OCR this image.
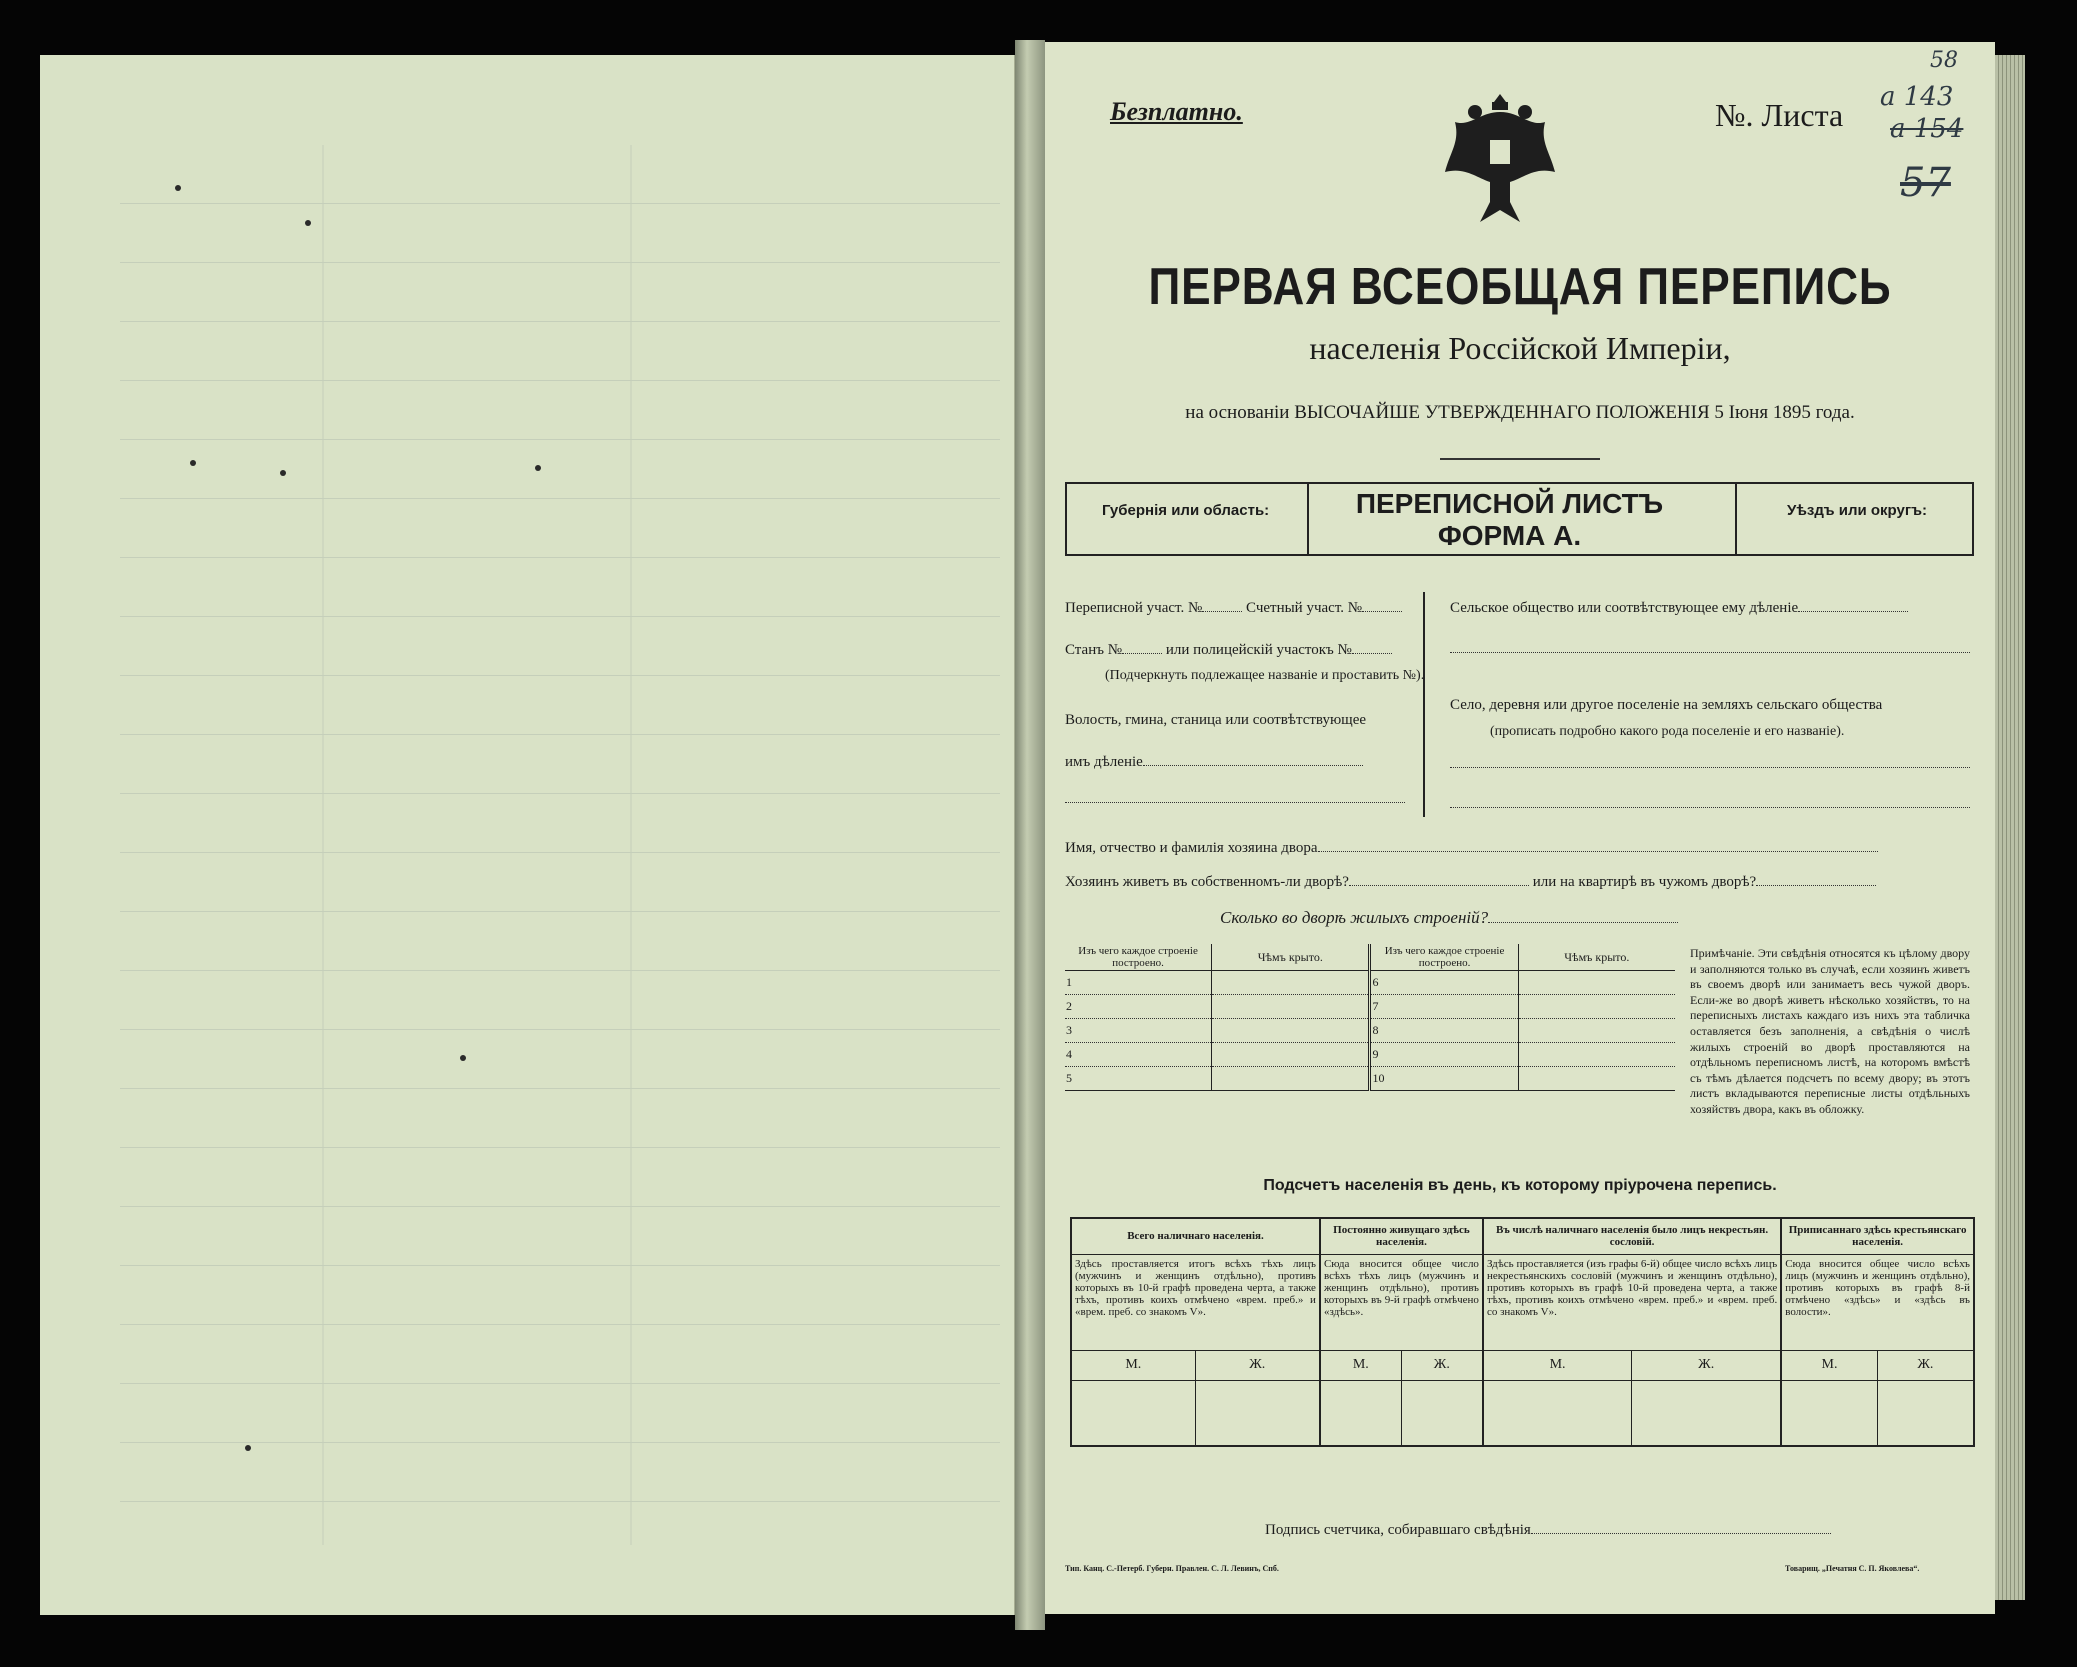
Безплатно.	№. Листа
58
а 143
а 154
57
ПЕРВАЯ ВСЕОБЩАЯ ПЕРЕПИСЬ
населенія Россійской Имперіи,
на основаніи ВЫСОЧАЙШЕ УТВЕРЖДЕННАГО ПОЛОЖЕНІЯ 5 Іюня 1895 года.
Губернія или область:	ПЕРЕПИСНОЙ ЛИСТЪ
ФОРМА А.
Уѣздъ или округъ:
Переписной участ. №	Счетный участ. №
Станъ №	или полицейскій участокъ №
(Подчеркнуть подлежащее названіе и проставить №).
Волость, гмина, станица или соотвѣтствующее
имъ дѣленіе
Сельское общество или соотвѣтствующее ему дѣленіе
Село, деревня или другое поселеніе на земляхъ сельскаго общества
(прописать подробно какого рода поселеніе и его названіе).
Имя, отчество и фамилія хозяина двора
Хозяинъ живетъ въ собственномъ-ли дворѣ?	или на квартирѣ въ чужомъ дворѣ?
Сколько во дворѣ жилыхъ строеній?
Изъ чего каждое строеніе построено.	Чѣмъ крыто.	Изъ чего каждое строеніе построено.	Чѣмъ крыто.
1		6	
2		7	
3		8	
4		9	
5		10	
Примѣчаніе. Эти свѣдѣнія относятся къ цѣлому двору и заполняются только въ случаѣ, если хозяинъ живетъ въ своемъ дворѣ или занимаетъ весь чужой дворъ. Если-же во дворѣ живетъ нѣсколько хозяйствъ, то на переписныхъ листахъ каждаго изъ нихъ эта табличка оставляется безъ заполненія, а свѣдѣнія о числѣ жилыхъ строеній во дворѣ проставляются на отдѣльномъ переписномъ листѣ, на которомъ вмѣстѣ съ тѣмъ дѣлается подсчетъ по всему двору; въ этотъ листъ вкладываются переписные листы отдѣльныхъ хозяйствъ двора, какъ въ обложку.
Подсчетъ населенія въ день, къ которому пріурочена перепись.
Всего наличнаго населенія.		Постоянно живущаго здѣсь населенія.		Въ числѣ наличнаго населенія было лицъ некрестьян. сословій.		Приписаннаго здѣсь крестьянскаго населенія.	
Здѣсь проставляется итогъ всѣхъ тѣхъ лицъ (мужчинъ и женщинъ отдѣльно), противъ которыхъ въ 10-й графѣ проведена черта, а также тѣхъ, противъ коихъ отмѣчено «врем. преб.» и «врем. преб. со знакомъ V».		Сюда вносится общее число всѣхъ тѣхъ лицъ (мужчинъ и женщинъ отдѣльно), противъ которыхъ въ 9-й графѣ отмѣчено «здѣсь».		Здѣсь проставляется (изъ графы 6-й) общее число всѣхъ лицъ некрестьянскихъ сословій (мужчинъ и женщинъ отдѣльно), противъ которыхъ въ графѣ 10-й проведена черта, а также тѣхъ, противъ коихъ отмѣчено «врем. преб.» и «врем. преб. со знакомъ V».		Сюда вносится общее число всѣхъ лицъ (мужчинъ и женщинъ отдѣльно), противъ которыхъ въ графѣ 8-й отмѣчено «здѣсь» и «здѣсь въ волости».	
М.	Ж.	М.	Ж.	М.	Ж.	М.	Ж.

Подпись счетчика, собиравшаго свѣдѣнія
Тип. Канц. С.-Петерб. Губерн. Правлен. С. Л. Левинъ, Спб.	Товарищ. „Печатня С. П. Яковлева“.
